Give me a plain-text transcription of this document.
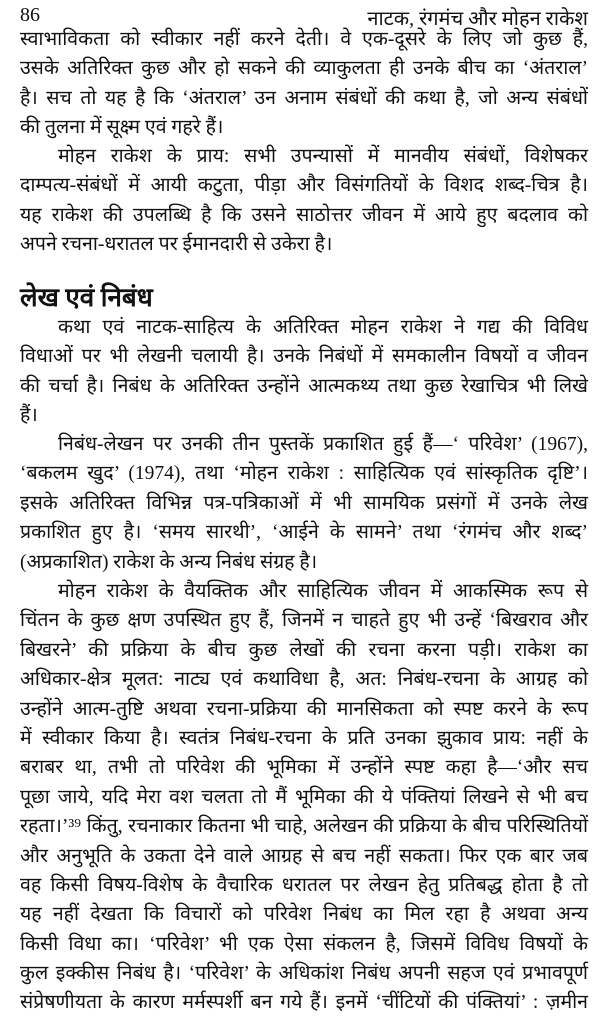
86	नाटक, रंगमंच और मोहन राकेश
स्वाभाविकता को स्वीकार नहीं करने देती। वे एक-दूसरे के लिए जो कुछ हैं,
उसके अतिरिक्त कुछ और हो सकने की व्याकुलता ही उनके बीच का ‘अंतराल’
है। सच तो यह है कि ‘अंतराल’ उन अनाम संबंधों की कथा है, जो अन्य संबंधों
की तुलना में सूक्ष्म एवं गहरे हैं।
मोहन राकेश के प्राय: सभी उपन्यासों में मानवीय संबंधों, विशेषकर
दाम्पत्य-संबंधों में आयी कटुता, पीड़ा और विसंगतियों के विशद शब्द-चित्र है।
यह राकेश की उपलब्धि है कि उसने साठोत्तर जीवन में आये हुए बदलाव को
अपने रचना-धरातल पर ईमानदारी से उकेरा है।
लेख एवं निबंध
कथा एवं नाटक-साहित्य के अतिरिक्त मोहन राकेश ने गद्य की विविध
विधाओं पर भी लेखनी चलायी है। उनके निबंधों में समकालीन विषयों व जीवन
की चर्चा है। निबंध के अतिरिक्त उन्होंने आत्मकथ्य तथा कुछ रेखाचित्र भी लिखे
हैं।
निबंध-लेखन पर उनकी तीन पुस्तकें प्रकाशित हुई हैं—‘ परिवेश’ (1967),
‘बकलम खुद’ (1974), तथा ‘मोहन राकेश : साहित्यिक एवं सांस्कृतिक दृष्टि’।
इसके अतिरिक्त विभिन्न पत्र-पत्रिकाओं में भी सामयिक प्रसंगों में उनके लेख
प्रकाशित हुए है। ‘समय सारथी’, ‘आईने के सामने’ तथा ‘रंगमंच और शब्द’
(अप्रकाशित) राकेश के अन्य निबंध संग्रह है।
मोहन राकेश के वैयक्तिक और साहित्यिक जीवन में आकस्मिक रूप से
चिंतन के कुछ क्षण उपस्थित हुए हैं, जिनमें न चाहते हुए भी उन्हें ‘बिखराव और
बिखरने’ की प्रक्रिया के बीच कुछ लेखों की रचना करना पड़ी। राकेश का
अधिकार-क्षेत्र मूलत: नाट्य एवं कथाविधा है, अत: निबंध-रचना के आग्रह को
उन्होंने आत्म-तुष्टि अथवा रचना-प्रक्रिया की मानसिकता को स्पष्ट करने के रूप
में स्वीकार किया है। स्वतंत्र निबंध-रचना के प्रति उनका झुकाव प्राय: नहीं के
बराबर था, तभी तो परिवेश की भूमिका में उन्होंने स्पष्ट कहा है—‘और सच
पूछा जाये, यदि मेरा वश चलता तो मैं भूमिका की ये पंक्तियां लिखने से भी बच
रहता।’³⁹ किंतु, रचनाकार कितना भी चाहे, अलेखन की प्रक्रिया के बीच परिस्थितियों
और अनुभूति के उकता देने वाले आग्रह से बच नहीं सकता। फिर एक बार जब
वह किसी विषय-विशेष के वैचारिक धरातल पर लेखन हेतु प्रतिबद्ध होता है तो
यह नहीं देखता कि विचारों को परिवेश निबंध का मिल रहा है अथवा अन्य
किसी विधा का। ‘परिवेश’ भी एक ऐसा संकलन है, जिसमें विविध विषयों के
कुल इक्कीस निबंध है। ‘परिवेश’ के अधिकांश निबंध अपनी सहज एवं प्रभावपूर्ण
संप्रेषणीयता के कारण मर्मस्पर्शी बन गये हैं। इनमें ‘चींटियों की पंक्तियां’ : ज़मीन
